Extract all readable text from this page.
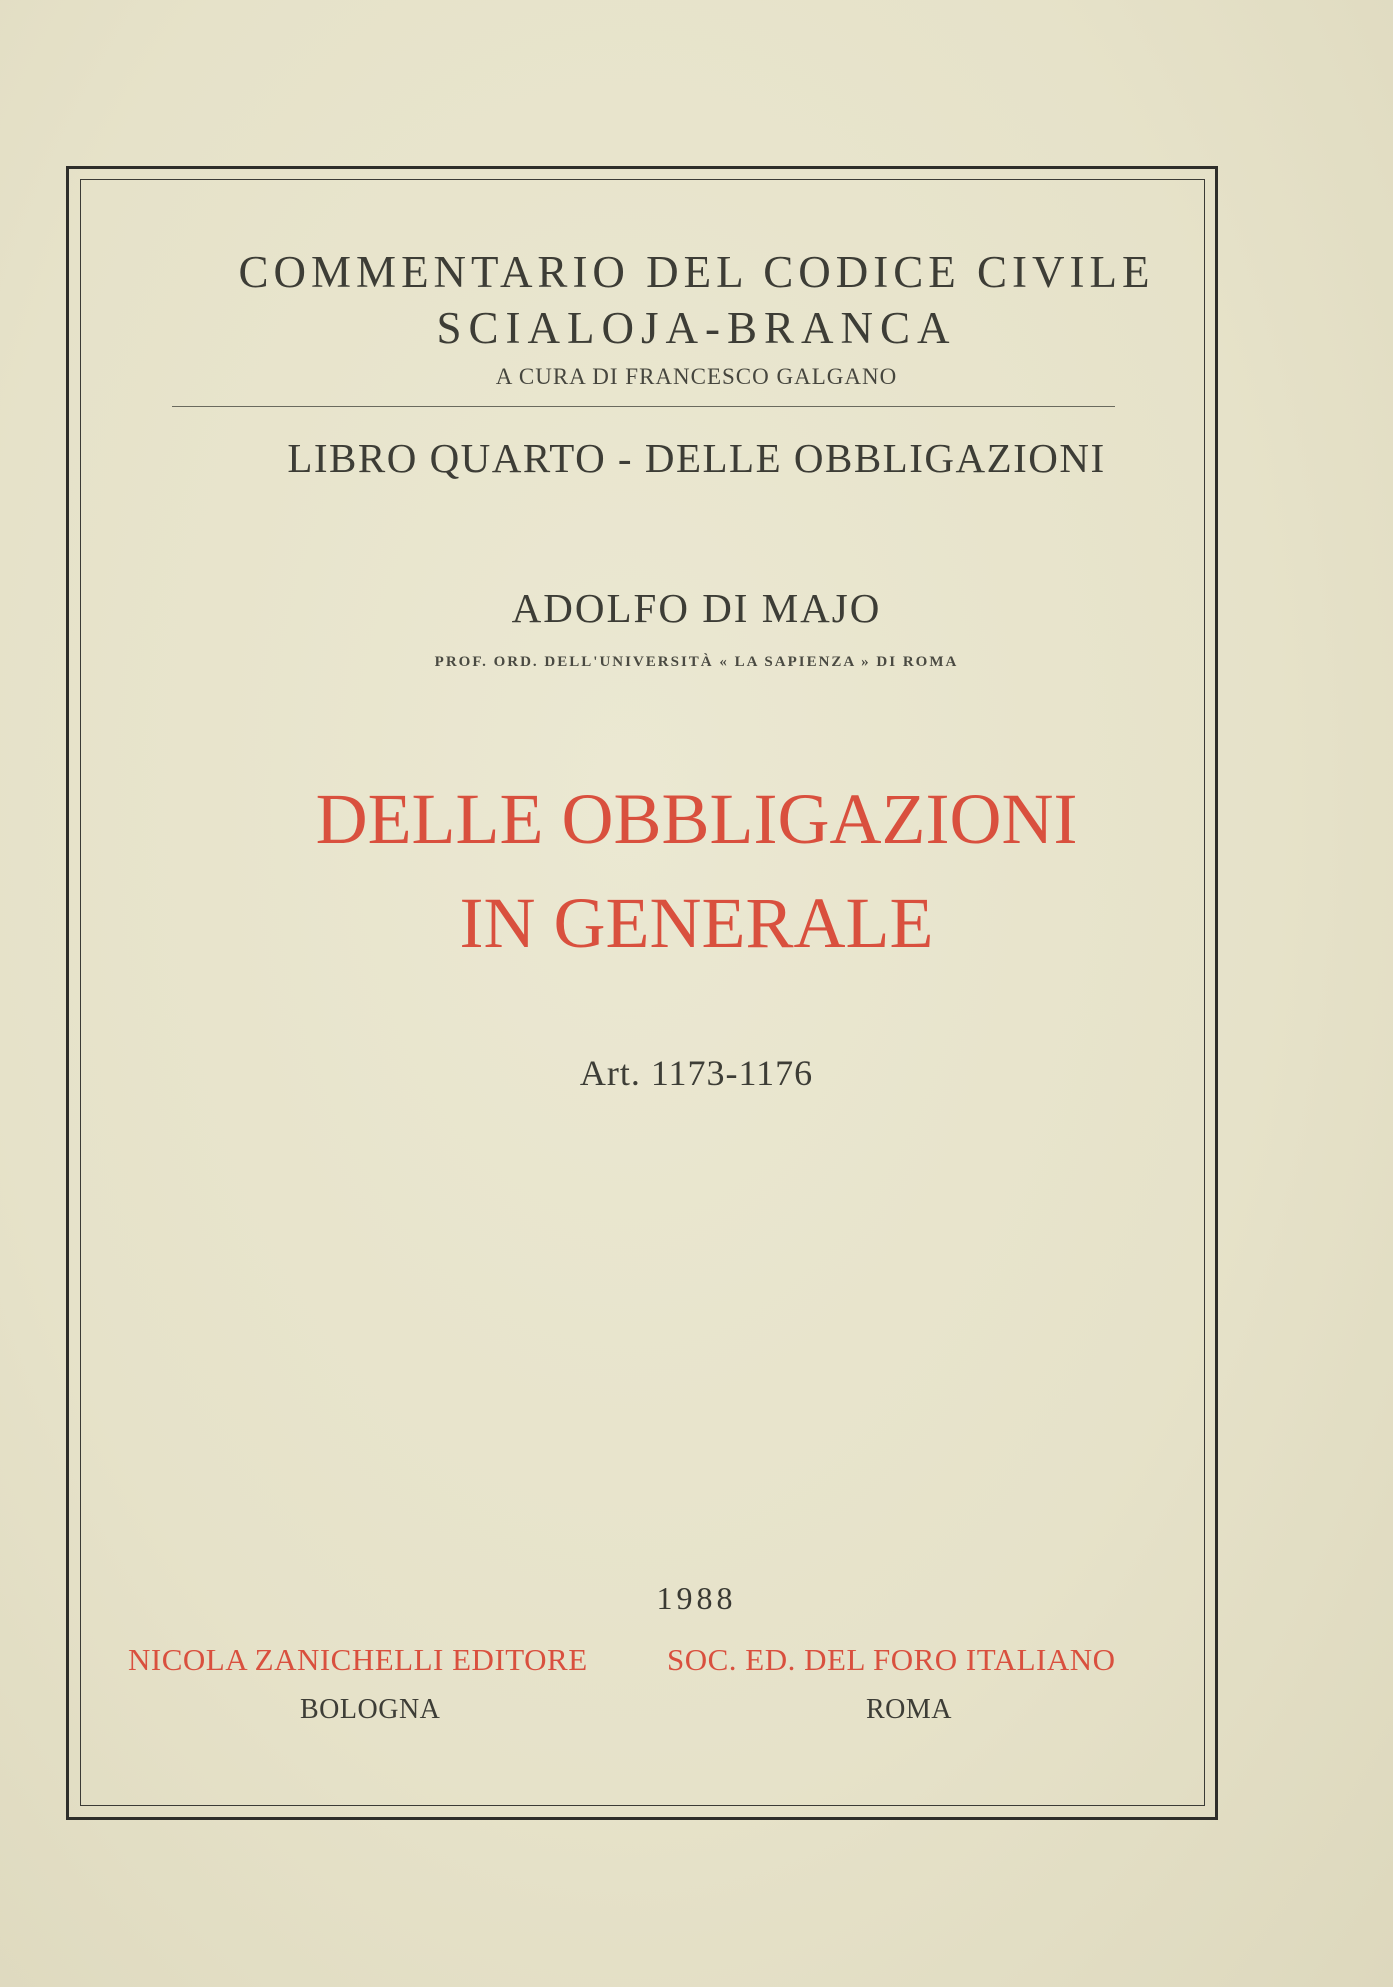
COMMENTARIO DEL CODICE CIVILE
SCIALOJA-BRANCA
A CURA DI FRANCESCO GALGANO
LIBRO QUARTO - DELLE OBBLIGAZIONI
ADOLFO DI MAJO
PROF. ORD. DELL'UNIVERSITÀ « LA SAPIENZA » DI ROMA
DELLE OBBLIGAZIONI
IN GENERALE
Art. 1173-1176
1988
NICOLA ZANICHELLI EDITORE	SOC. ED. DEL FORO ITALIANO
BOLOGNA	ROMA
